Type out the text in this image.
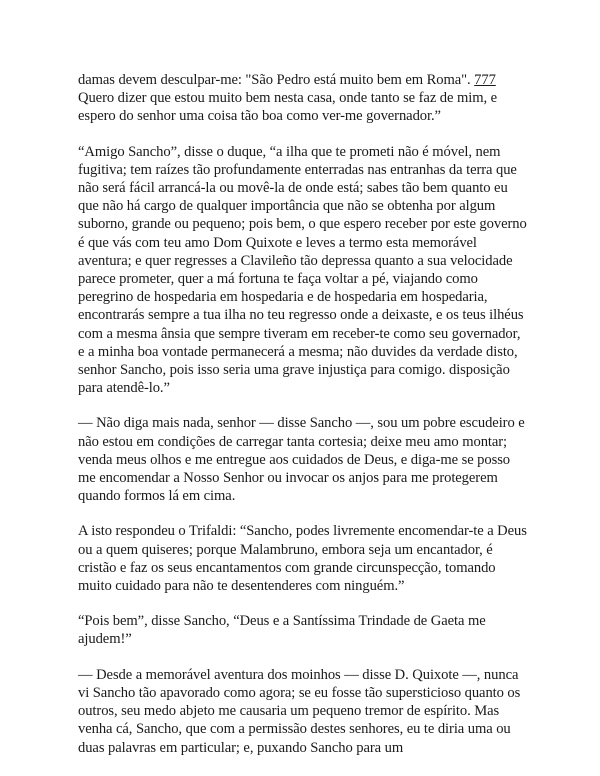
damas devem desculpar-me: "São Pedro está muito bem em Roma". 777 Quero dizer que estou muito bem nesta casa, onde tanto se faz de mim, e espero do senhor uma coisa tão boa como ver-me governador.”

“Amigo Sancho”, disse o duque, “a ilha que te prometi não é móvel, nem fugitiva; tem raízes tão profundamente enterradas nas entranhas da terra que não será fácil arrancá-la ou movê-la de onde está; sabes tão bem quanto eu que não há cargo de qualquer importância que não se obtenha por algum suborno, grande ou pequeno; pois bem, o que espero receber por este governo é que vás com teu amo Dom Quixote e leves a termo esta memorável aventura; e quer regresses a Clavileño tão depressa quanto a sua velocidade parece prometer, quer a má fortuna te faça voltar a pé, viajando como peregrino de hospedaria em hospedaria e de hospedaria em hospedaria, encontrarás sempre a tua ilha no teu regresso onde a deixaste, e os teus ilhéus com a mesma ânsia que sempre tiveram em receber-te como seu governador, e a minha boa vontade permanecerá a mesma; não duvides da verdade disto, senhor Sancho, pois isso seria uma grave injustiça para comigo. disposição para atendê-lo.”

— Não diga mais nada, senhor — disse Sancho —, sou um pobre escudeiro e não estou em condições de carregar tanta cortesia; deixe meu amo montar; venda meus olhos e me entregue aos cuidados de Deus, e diga-me se posso me encomendar a Nosso Senhor ou invocar os anjos para me protegerem quando formos lá em cima.

A isto respondeu o Trifaldi: “Sancho, podes livremente encomendar-te a Deus ou a quem quiseres; porque Malambruno, embora seja um encantador, é cristão e faz os seus encantamentos com grande circunspecção, tomando muito cuidado para não te desentenderes com ninguém.”

“Pois bem”, disse Sancho, “Deus e a Santíssima Trindade de Gaeta me ajudem!”

— Desde a memorável aventura dos moinhos — disse D. Quixote —, nunca vi Sancho tão apavorado como agora; se eu fosse tão supersticioso quanto os outros, seu medo abjeto me causaria um pequeno tremor de espírito. Mas venha cá, Sancho, que com a permissão destes senhores, eu te diria uma ou duas palavras em particular; e, puxando Sancho para um
